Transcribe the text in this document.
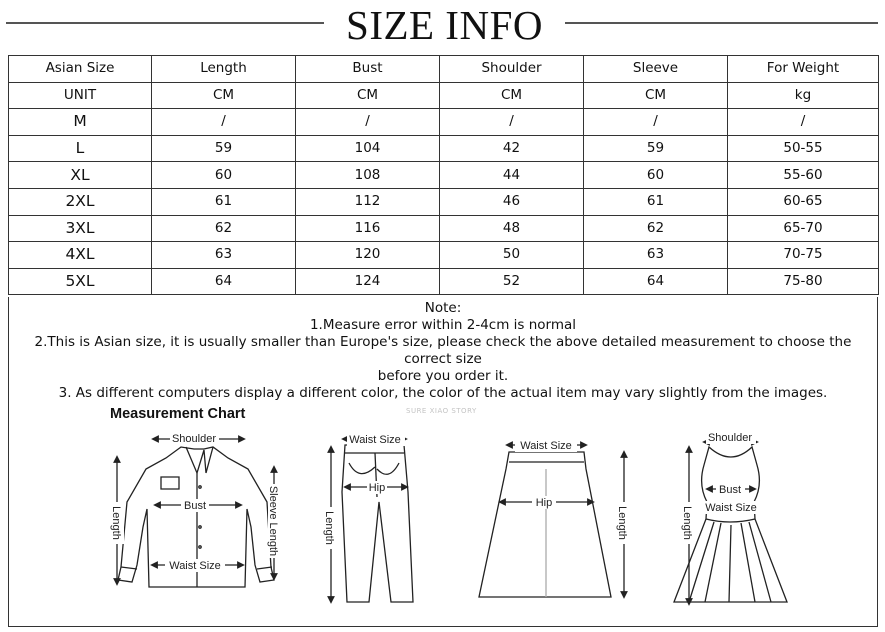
SIZE INFO
Asian Size	Length	Bust	Shoulder	Sleeve	For Weight
UNIT	CM	CM	CM	CM	kg
M	/	/	/	/	/
L	59	104	42	59	50-55
XL	60	108	44	60	55-60
2XL	61	112	46	61	60-65
3XL	62	116	48	62	65-70
4XL	63	120	50	63	70-75
5XL	64	124	52	64	75-80
Note:
1.Measure error within 2-4cm is normal
2.This is Asian size, it is usually smaller than Europe's size, please check the above detailed measurement to choose the correct size
before you order it.
3. As different computers display a different color, the color of the actual item may vary slightly from the images.
Measurement Chart	SURE XIAO STORY
Shoulder
Bust
Waist Size
Length	Sleeve Length
Waist Size
Hip
Length
Waist Size
Hip
Length
Shoulder
Bust
Waist Size
Length
